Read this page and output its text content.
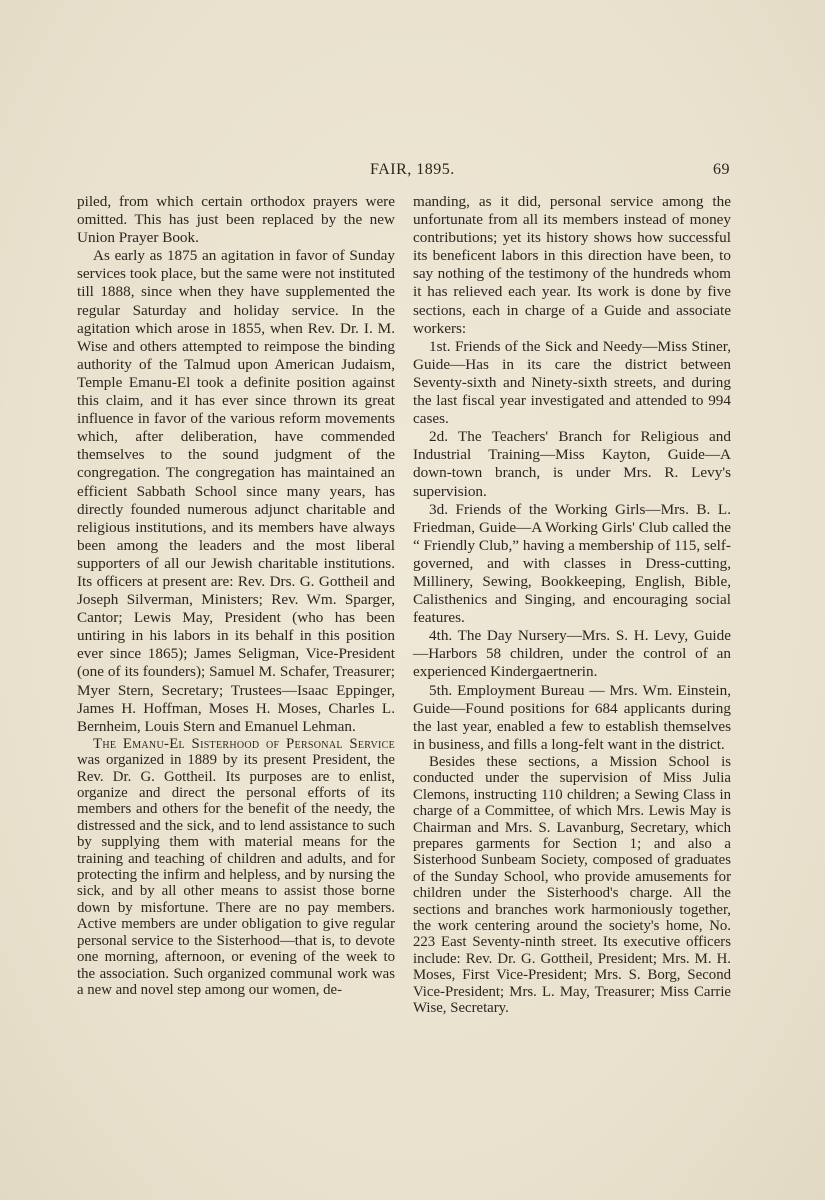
FAIR, 1895.	69

piled, from which certain orthodox prayers were omitted. This has just been replaced by the new Union Prayer Book.

As early as 1875 an agitation in favor of Sunday services took place, but the same were not instituted till 1888, since when they have supplemented the regular Saturday and holiday service. In the agitation which arose in 1855, when Rev. Dr. I. M. Wise and others attempted to reimpose the binding authority of the Talmud upon American Judaism, Temple Emanu-El took a definite position against this claim, and it has ever since thrown its great influence in favor of the various reform movements which, after deliberation, have commended themselves to the sound judgment of the congregation. The congregation has maintained an efficient Sabbath School since many years, has directly founded numerous adjunct charitable and religious institutions, and its members have always been among the leaders and the most liberal supporters of all our Jewish charitable institutions. Its officers at present are: Rev. Drs. G. Gottheil and Joseph Silverman, Ministers; Rev. Wm. Sparger, Cantor; Lewis May, President (who has been untiring in his labors in its behalf in this position ever since 1865); James Seligman, Vice-President (one of its founders); Samuel M. Schafer, Treasurer; Myer Stern, Secretary; Trustees—Isaac Eppinger, James H. Hoffman, Moses H. Moses, Charles L. Bernheim, Louis Stern and Emanuel Lehman.

The Emanu-El Sisterhood of Personal Service was organized in 1889 by its present President, the Rev. Dr. G. Gottheil. Its purposes are to enlist, organize and direct the personal efforts of its members and others for the benefit of the needy, the distressed and the sick, and to lend assistance to such by supplying them with material means for the training and teaching of children and adults, and for protecting the infirm and helpless, and by nursing the sick, and by all other means to assist those borne down by misfortune. There are no pay members. Active members are under obligation to give regular personal service to the Sisterhood—that is, to devote one morning, afternoon, or evening of the week to the association. Such organized communal work was a new and novel step among our women, de-

manding, as it did, personal service among the unfortunate from all its members instead of money contributions; yet its history shows how successful its beneficent labors in this direction have been, to say nothing of the testimony of the hundreds whom it has relieved each year. Its work is done by five sections, each in charge of a Guide and associate workers:

1st. Friends of the Sick and Needy—Miss Stiner, Guide—Has in its care the district between Seventy-sixth and Ninety-sixth streets, and during the last fiscal year investigated and attended to 994 cases.

2d. The Teachers' Branch for Religious and Industrial Training—Miss Kayton, Guide—A down-town branch, is under Mrs. R. Levy's supervision.

3d. Friends of the Working Girls—Mrs. B. L. Friedman, Guide—A Working Girls' Club called the “ Friendly Club,” having a membership of 115, self-governed, and with classes in Dress-cutting, Millinery, Sewing, Bookkeeping, English, Bible, Calisthenics and Singing, and encouraging social features.

4th. The Day Nursery—Mrs. S. H. Levy, Guide—Harbors 58 children, under the control of an experienced Kindergaertnerin.

5th. Employment Bureau — Mrs. Wm. Einstein, Guide—Found positions for 684 applicants during the last year, enabled a few to establish themselves in business, and fills a long-felt want in the district.

Besides these sections, a Mission School is conducted under the supervision of Miss Julia Clemons, instructing 110 children; a Sewing Class in charge of a Committee, of which Mrs. Lewis May is Chairman and Mrs. S. Lavanburg, Secretary, which prepares garments for Section 1; and also a Sisterhood Sunbeam Society, composed of graduates of the Sunday School, who provide amusements for children under the Sisterhood's charge. All the sections and branches work harmoniously together, the work centering around the society's home, No. 223 East Seventy-ninth street. Its executive officers include: Rev. Dr. G. Gottheil, President; Mrs. M. H. Moses, First Vice-President; Mrs. S. Borg, Second Vice-President; Mrs. L. May, Treasurer; Miss Carrie Wise, Secretary.
